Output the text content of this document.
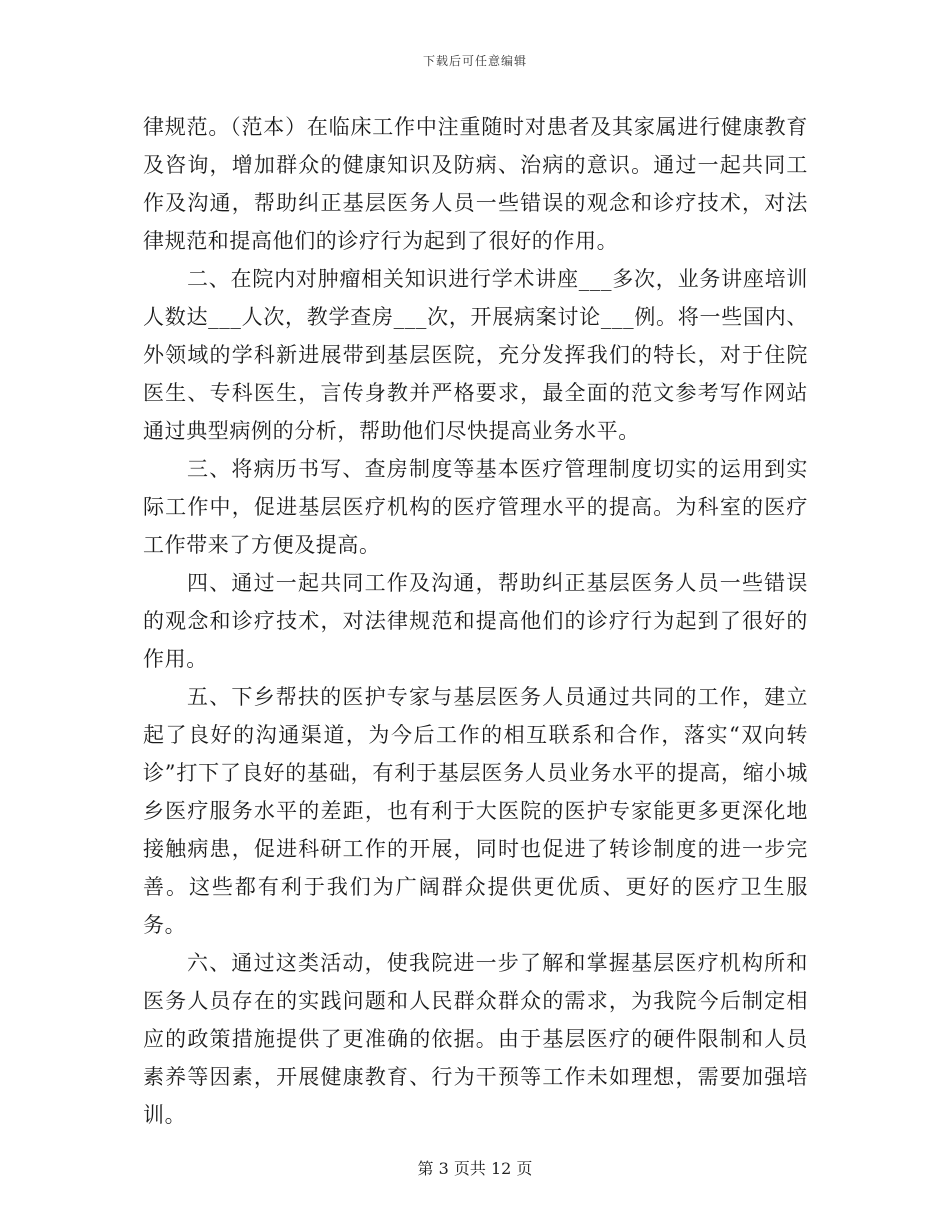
下载后可任意编辑

律规范。（范本）在临床工作中注重随时对患者及其家属进行健康教育及咨询，增加群众的健康知识及防病、治病的意识。通过一起共同工作及沟通，帮助纠正基层医务人员一些错误的观念和诊疗技术，对法律规范和提高他们的诊疗行为起到了很好的作用。

二、在院内对肿瘤相关知识进行学术讲座___多次，业务讲座培训人数达___人次，教学查房___次，开展病案讨论___例。将一些国内、外领域的学科新进展带到基层医院，充分发挥我们的特长，对于住院医生、专科医生，言传身教并严格要求，最全面的范文参考写作网站通过典型病例的分析，帮助他们尽快提高业务水平。

三、将病历书写、查房制度等基本医疗管理制度切实的运用到实际工作中，促进基层医疗机构的医疗管理水平的提高。为科室的医疗工作带来了方便及提高。

四、通过一起共同工作及沟通，帮助纠正基层医务人员一些错误的观念和诊疗技术，对法律规范和提高他们的诊疗行为起到了很好的作用。

五、下乡帮扶的医护专家与基层医务人员通过共同的工作，建立起了良好的沟通渠道，为今后工作的相互联系和合作，落实“双向转诊”打下了良好的基础，有利于基层医务人员业务水平的提高，缩小城乡医疗服务水平的差距，也有利于大医院的医护专家能更多更深化地接触病患，促进科研工作的开展，同时也促进了转诊制度的进一步完善。这些都有利于我们为广阔群众提供更优质、更好的医疗卫生服务。

六、通过这类活动，使我院进一步了解和掌握基层医疗机构所和医务人员存在的实践问题和人民群众群众的需求，为我院今后制定相应的政策措施提供了更准确的依据。由于基层医疗的硬件限制和人员素养等因素，开展健康教育、行为干预等工作未如理想，需要加强培训。

第 3 页共 12 页
